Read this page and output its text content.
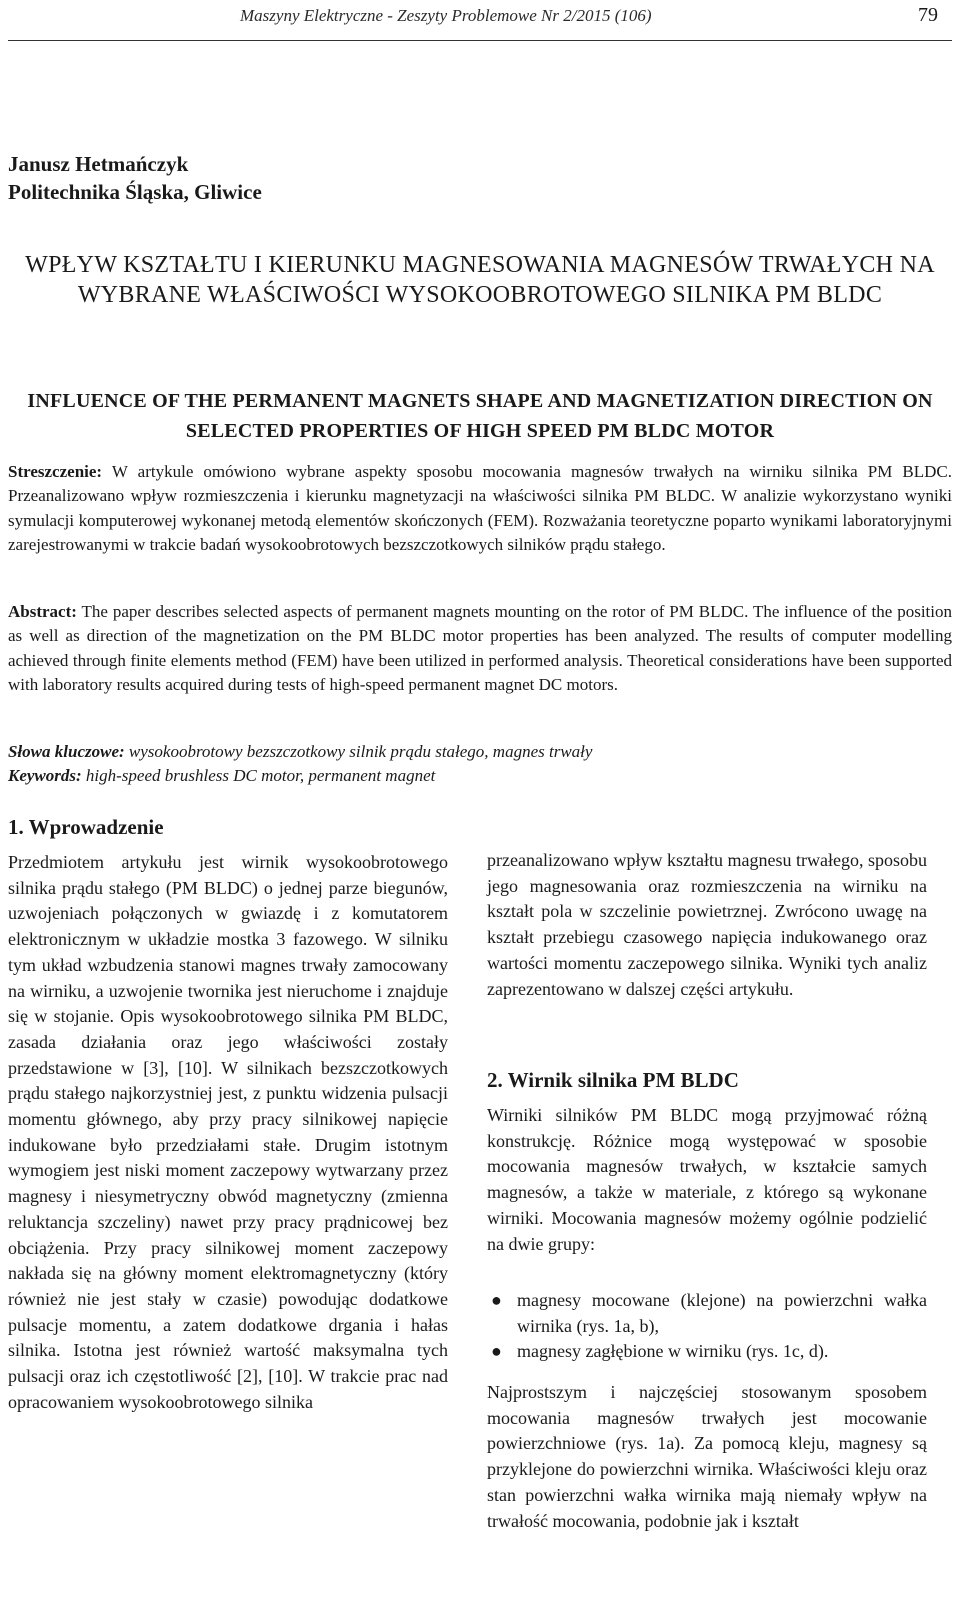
Maszyny Elektryczne - Zeszyty Problemowe Nr 2/2015 (106)	79
Janusz Hetmańczyk
Politechnika Śląska, Gliwice
WPŁYW KSZTAŁTU I KIERUNKU MAGNESOWANIA MAGNESÓW TRWAŁYCH NA WYBRANE WŁAŚCIWOŚCI WYSOKOOBROTOWEGO SILNIKA PM BLDC
INFLUENCE OF THE PERMANENT MAGNETS SHAPE AND MAGNETIZATION DIRECTION ON SELECTED PROPERTIES OF HIGH SPEED PM BLDC MOTOR
Streszczenie: W artykule omówiono wybrane aspekty sposobu mocowania magnesów trwałych na wirniku silnika PM BLDC. Przeanalizowano wpływ rozmieszczenia i kierunku magnetyzacji na właściwości silnika PM BLDC. W analizie wykorzystano wyniki symulacji komputerowej wykonanej metodą elementów skończonych (FEM). Rozważania teoretyczne poparto wynikami laboratoryjnymi zarejestrowanymi w trakcie badań wysokoobrotowych bezszczotkowych silników prądu stałego.
Abstract: The paper describes selected aspects of permanent magnets mounting on the rotor of PM BLDC. The influence of the position as well as direction of the magnetization on the PM BLDC motor properties has been analyzed. The results of computer modelling achieved through finite elements method (FEM) have been utilized in performed analysis. Theoretical considerations have been supported with laboratory results acquired during tests of high-speed permanent magnet DC motors.
Słowa kluczowe: wysokoobrotowy bezszczotkowy silnik prądu stałego, magnes trwały
Keywords: high-speed brushless DC motor, permanent magnet
1. Wprowadzenie

Przedmiotem artykułu jest wirnik wysokoobrotowego silnika prądu stałego (PM BLDC) o jednej parze biegunów, uzwojeniach połączonych w gwiazdę i z komutatorem elektronicznym w układzie mostka 3 fazowego. W silniku tym układ wzbudzenia stanowi magnes trwały zamocowany na wirniku, a uzwojenie twornika jest nieruchome i znajduje się w stojanie. Opis wysokoobrotowego silnika PM BLDC, zasada działania oraz jego właściwości zostały przedstawione w [3], [10]. W silnikach bezszczotkowych prądu stałego najkorzystniej jest, z punktu widzenia pulsacji momentu głównego, aby przy pracy silnikowej napięcie indukowane było przedziałami stałe. Drugim istotnym wymogiem jest niski moment zaczepowy wytwarzany przez magnesy i niesymetryczny obwód magnetyczny (zmienna reluktancja szczeliny) nawet przy pracy prądnicowej bez obciążenia. Przy pracy silnikowej moment zaczepowy nakłada się na główny moment elektromagnetyczny (który również nie jest stały w czasie) powodując dodatkowe pulsacje momentu, a zatem dodatkowe drgania i hałas silnika. Istotna jest również wartość maksymalna tych pulsacji oraz ich częstotliwość [2], [10]. W trakcie prac nad opracowaniem wysokoobrotowego silnika

przeanalizowano wpływ kształtu magnesu trwałego, sposobu jego magnesowania oraz rozmieszczenia na wirniku na kształt pola w szczelinie powietrznej. Zwrócono uwagę na kształt przebiegu czasowego napięcia indukowanego oraz wartości momentu zaczepowego silnika. Wyniki tych analiz zaprezentowano w dalszej części artykułu.

2. Wirnik silnika PM BLDC

Wirniki silników PM BLDC mogą przyjmować różną konstrukcję. Różnice mogą występować w sposobie mocowania magnesów trwałych, w kształcie samych magnesów, a także w materiale, z którego są wykonane wirniki. Mocowania magnesów możemy ogólnie podzielić na dwie grupy:

● magnesy mocowane (klejone) na powierzchni wałka wirnika (rys. 1a, b),
● magnesy zagłębione w wirniku (rys. 1c, d).

Najprostszym i najczęściej stosowanym sposobem mocowania magnesów trwałych jest mocowanie powierzchniowe (rys. 1a). Za pomocą kleju, magnesy są przyklejone do powierzchni wirnika. Właściwości kleju oraz stan powierzchni wałka wirnika mają niemały wpływ na trwałość mocowania, podobnie jak i kształt
